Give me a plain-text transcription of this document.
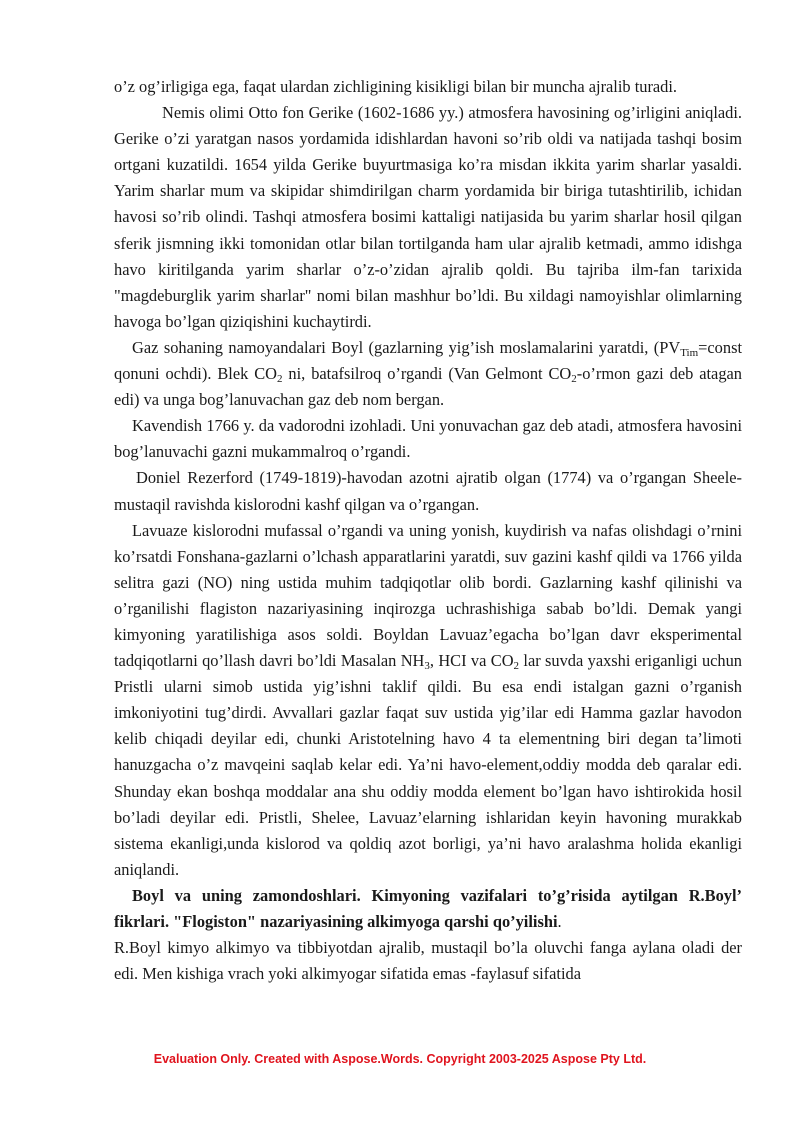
o’z og’irligiga ega, faqat ulardan zichligining kisikligi bilan bir muncha ajralib turadi.

Nemis olimi Otto fon Gerike (1602-1686 yy.) atmosfera havosining og’irligini aniqladi. Gerike o’zi yaratgan nasos yordamida idishlardan havoni so’rib oldi va natijada tashqi bosim ortgani kuzatildi. 1654 yilda Gerike buyurtmasiga ko’ra misdan ikkita yarim sharlar yasaldi. Yarim sharlar mum va skipidar shimdirilgan charm yordamida bir biriga tutashtirilib, ichidan havosi so’rib olindi. Tashqi atmosfera bosimi kattaligi natijasida bu yarim sharlar hosil qilgan sferik jismning ikki tomonidan otlar bilan tortilganda ham ular ajralib ketmadi, ammo idishga havo kiritilganda yarim sharlar o’z-o’zidan ajralib qoldi. Bu tajriba ilm-fan tarixida "magdeburglik yarim sharlar" nomi bilan mashhur bo’ldi. Bu xildagi namoyishlar olimlarning havoga bo’lgan qiziqishini kuchaytirdi.

Gaz sohaning namoyandalari Boyl (gazlarning yig’ish moslamalarini yaratdi, ($PV_{Tim}=const$ qonuni ochdi). Blek $CO_2$ ni, batafsilroq o’rgandi (Van Gelmont $CO_2-o’rmon$ gazi deb atagan edi) va unga bog’lanuvachan gaz deb nom bergan.

Kavendish 1766 y. da vadorodni izohladi. Uni yonuvachan gaz deb atadi, atmosfera havosini bog’lanuvachi gazni mukammalroq o’rgandi.

Doniel Rezerford (1749-1819)-havodan azotni ajratib olgan (1774) va o’rgangan Sheele-mustaqil ravishda kislorodni kashf qilgan va o’rgangan.

Lavuaze kislorodni mufassal o’rgandi va uning yonish, kuydirish va nafas olishdagi o’rnini ko’rsatdi Fonshana-gazlarni o’lchash apparatlarini yaratdi, suv gazini kashf qildi va 1766 yilda selitra gazi (NO) ning ustida muhim tadqiqotlar olib bordi. Gazlarning kashf qilinishi va o’rganilishi flagiston nazariyasining inqirozga uchrashishiga sabab bo’ldi. Demak yangi kimyoning yaratilishiga asos soldi. Boyldan Lavuaz’egacha bo’lgan davr eksperimental tadqiqotlarni qo’llash davri bo’ldi Masalan $NH_3$, HCI va $CO_2$ lar suvda yaxshi eriganligi uchun Pristli ularni simob ustida yig’ishni taklif qildi. Bu esa endi istalgan gazni o’rganish imkoniyotini tug’dirdi. Avvallari gazlar faqat suv ustida yig’ilar edi Hamma gazlar havodon kelib chiqadi deyilar edi, chunki Aristotelning havo 4 ta elementning biri degan ta’limoti hanuzgacha o’z mavqeini saqlab kelar edi. Ya’ni havo-element,oddiy modda deb qaralar edi. Shunday ekan boshqa moddalar ana shu oddiy modda element bo’lgan havo ishtirokida hosil bo’ladi deyilar edi. Pristli, Shelee, Lavuaz’elarning ishlaridan keyin havoning murakkab sistema ekanligi,unda kislorod va qoldiq azot borligi, ya’ni havo aralashma holida ekanligi aniqlandi.

Boyl va uning zamondoshlari. Kimyoning vazifalari to’g’risida aytilgan R.Boyl’ fikrlari. "Flogiston" nazariyasining alkimyoga qarshi qo’yilishi.

R.Boyl kimyo alkimyo va tibbiyotdan ajralib, mustaqil bo’la oluvchi fanga aylana oladi der edi. Men kishiga vrach yoki alkimyogar sifatida emas -faylasuf sifatida

Evaluation Only. Created with Aspose.Words. Copyright 2003-2025 Aspose Pty Ltd.
